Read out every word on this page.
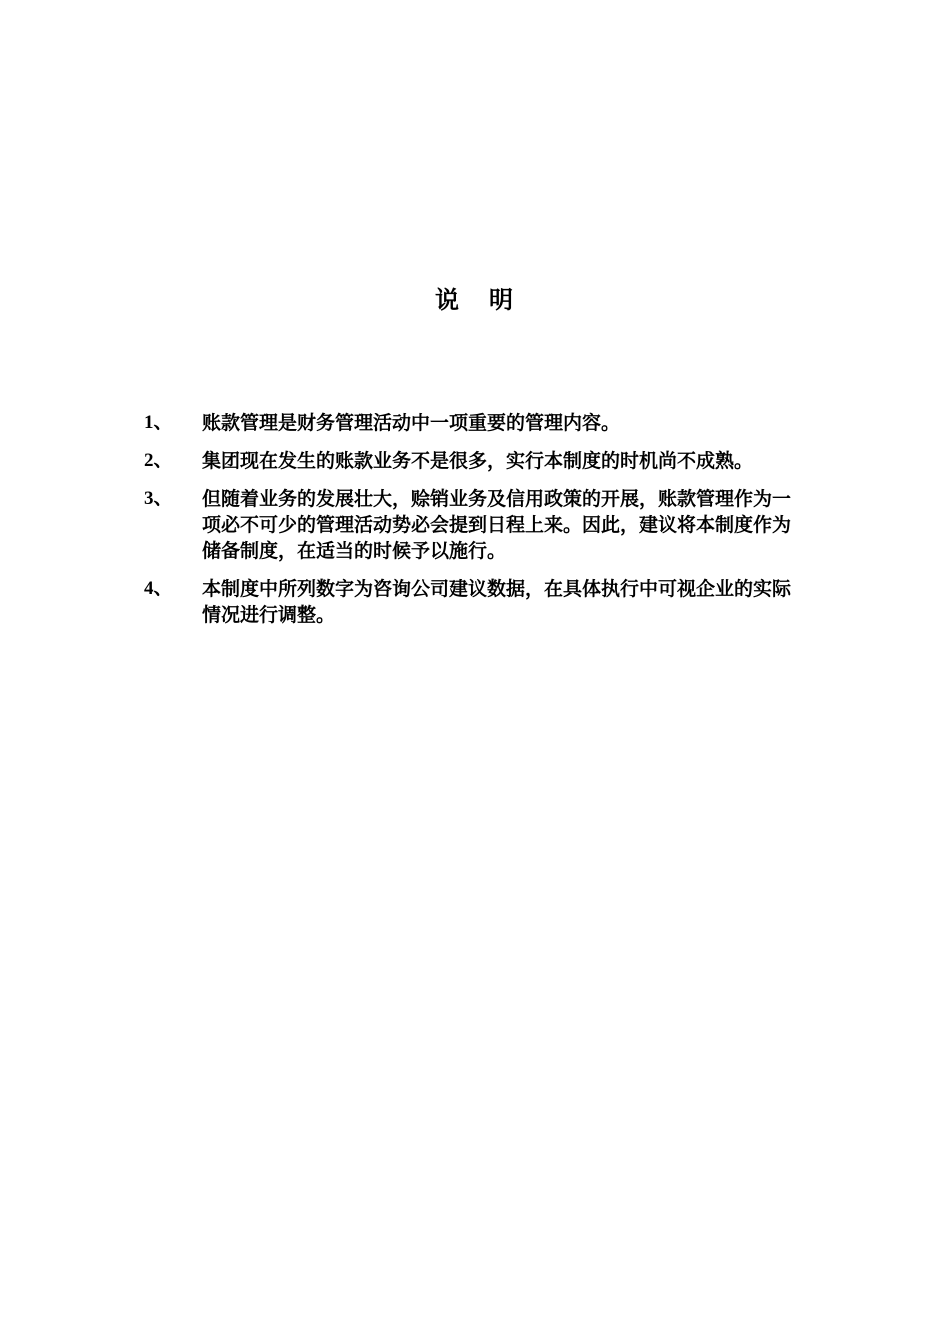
说 明
1、 账款管理是财务管理活动中一项重要的管理内容。
2、 集团现在发生的账款业务不是很多，实行本制度的时机尚不成熟。
3、 但随着业务的发展壮大，赊销业务及信用政策的开展，账款管理作为一项必不可少的管理活动势必会提到日程上来。因此，建议将本制度作为储备制度，在适当的时候予以施行。
4、 本制度中所列数字为咨询公司建议数据，在具体执行中可视企业的实际情况进行调整。
